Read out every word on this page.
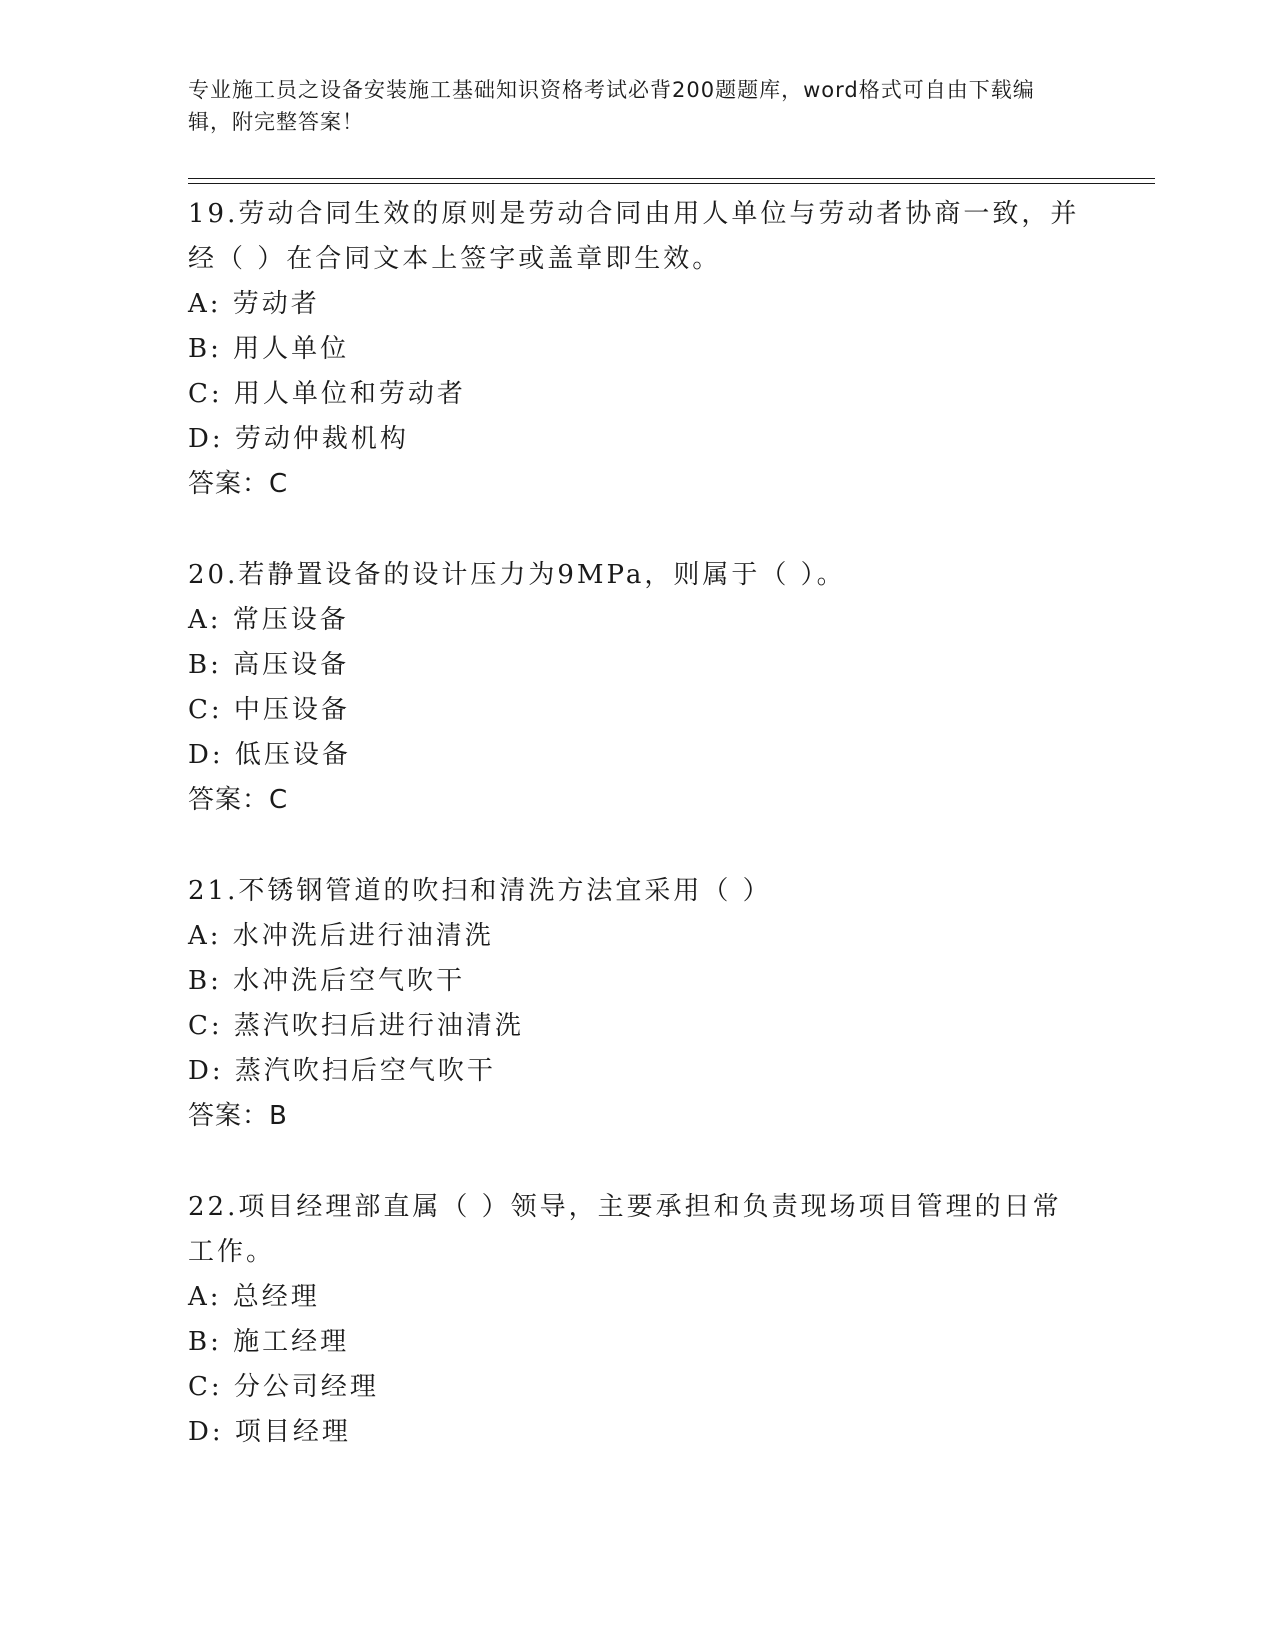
专业施工员之设备安装施工基础知识资格考试必背200题题库，word格式可自由下载编辑，附完整答案！

19.劳动合同生效的原则是劳动合同由用人单位与劳动者协商一致，并经（ ）在合同文本上签字或盖章即生效。

A: 劳动者

B: 用人单位

C: 用人单位和劳动者

D: 劳动仲裁机构

答案：C

20.若静置设备的设计压力为9MPa，则属于（ ）。

A: 常压设备

B: 高压设备

C: 中压设备

D: 低压设备

答案：C

21.不锈钢管道的吹扫和清洗方法宜采用（ ）

A: 水冲洗后进行油清洗

B: 水冲洗后空气吹干

C: 蒸汽吹扫后进行油清洗

D: 蒸汽吹扫后空气吹干

答案：B

22.项目经理部直属（ ）领导，主要承担和负责现场项目管理的日常工作。

A: 总经理

B: 施工经理

C: 分公司经理

D: 项目经理
